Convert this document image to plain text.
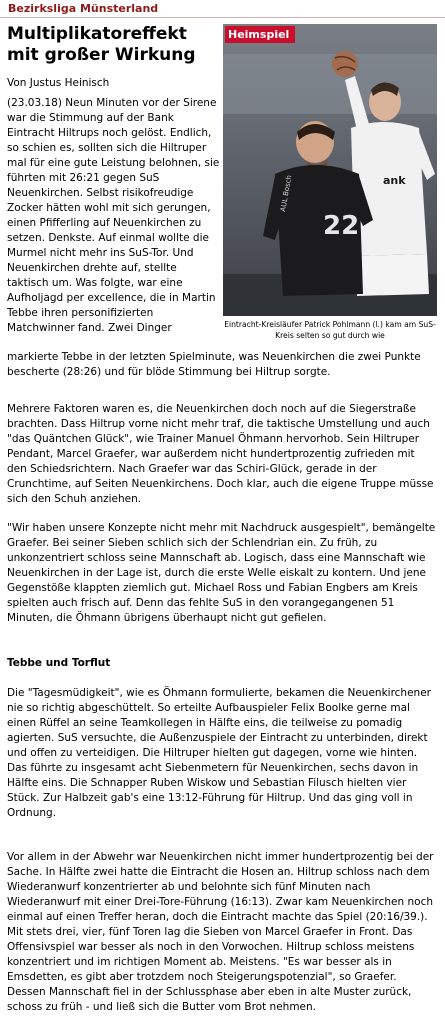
Bezirksliga Münsterland
Multiplikatoreffekt mit großer Wirkung
Von Justus Heinisch
ank
22
AUL Bosch
Heimspiel
Eintracht-Kreisläufer Patrick Pohlmann (l.) kam am SuS-Kreis selten so gut durch wie

(23.03.18) Neun Minuten vor der Sirene war die Stimmung auf der Bank Eintracht Hiltrups noch gelöst. Endlich, so schien es, sollten sich die Hiltruper mal für eine gute Leistung belohnen, sie führten mit 26:21 gegen SuS Neuenkirchen. Selbst risikofreudige Zocker hätten wohl mit sich gerungen, einen Pfifferling auf Neuenkirchen zu setzen. Denkste. Auf einmal wollte die Murmel nicht mehr ins SuS-Tor. Und Neuenkirchen drehte auf, stellte taktisch um. Was folgte, war eine Aufholjagd per excellence, die in Martin Tebbe ihren personifizierten Matchwinner fand. Zwei Dinger

markierte Tebbe in der letzten Spielminute, was Neuenkirchen die zwei Punkte bescherte (28:26) und für blöde Stimmung bei Hiltrup sorgte.

Mehrere Faktoren waren es, die Neuenkirchen doch noch auf die Siegerstraße brachten. Dass Hiltrup vorne nicht mehr traf, die taktische Umstellung und auch "das Quäntchen Glück", wie Trainer Manuel Öhmann hervorhob. Sein Hiltruper Pendant, Marcel Graefer, war außerdem nicht hundertprozentig zufrieden mit den Schiedsrichtern. Nach Graefer war das Schiri-Glück, gerade in der Crunchtime, auf Seiten Neuenkirchens. Doch klar, auch die eigene Truppe müsse sich den Schuh anziehen.

"Wir haben unsere Konzepte nicht mehr mit Nachdruck ausgespielt", bemängelte Graefer. Bei seiner Sieben schlich sich der Schlendrian ein. Zu früh, zu unkonzentriert schloss seine Mannschaft ab. Logisch, dass eine Mannschaft wie Neuenkirchen in der Lage ist, durch die erste Welle eiskalt zu kontern. Und jene Gegenstöße klappten ziemlich gut. Michael Ross und Fabian Engbers am Kreis spielten auch frisch auf. Denn das fehlte SuS in den vorangegangenen 51 Minuten, die Öhmann übrigens überhaupt nicht gut gefielen.

Tebbe und Torflut

Die "Tagesmüdigkeit", wie es Öhmann formulierte, bekamen die Neuenkirchener nie so richtig abgeschüttelt. So erteilte Aufbauspieler Felix Boolke gerne mal einen Rüffel an seine Teamkollegen in Hälfte eins, die teilweise zu pomadig agierten. SuS versuchte, die Außenzuspiele der Eintracht zu unterbinden, direkt und offen zu verteidigen. Die Hiltruper hielten gut dagegen, vorne wie hinten. Das führte zu insgesamt acht Siebenmetern für Neuenkirchen, sechs davon in Hälfte eins. Die Schnapper Ruben Wiskow und Sebastian Filusch hielten vier Stück. Zur Halbzeit gab's eine 13:12-Führung für Hiltrup. Und das ging voll in Ordnung.

Vor allem in der Abwehr war Neuenkirchen nicht immer hundertprozentig bei der Sache. In Hälfte zwei hatte die Eintracht die Hosen an. Hiltrup schloss nach dem Wiederanwurf konzentrierter ab und belohnte sich fünf Minuten nach Wiederanwurf mit einer Drei-Tore-Führung (16:13). Zwar kam Neuenkirchen noch einmal auf einen Treffer heran, doch die Eintracht machte das Spiel (20:16/39.). Mit stets drei, vier, fünf Toren lag die Sieben von Marcel Graefer in Front. Das Offensivspiel war besser als noch in den Vorwochen. Hiltrup schloss meistens konzentriert und im richtigen Moment ab. Meistens. "Es war besser als in Emsdetten, es gibt aber trotzdem noch Steigerungspotenzial", so Graefer. Dessen Mannschaft fiel in der Schlussphase aber eben in alte Muster zurück, schoss zu früh - und ließ sich die Butter vom Brot nehmen.
